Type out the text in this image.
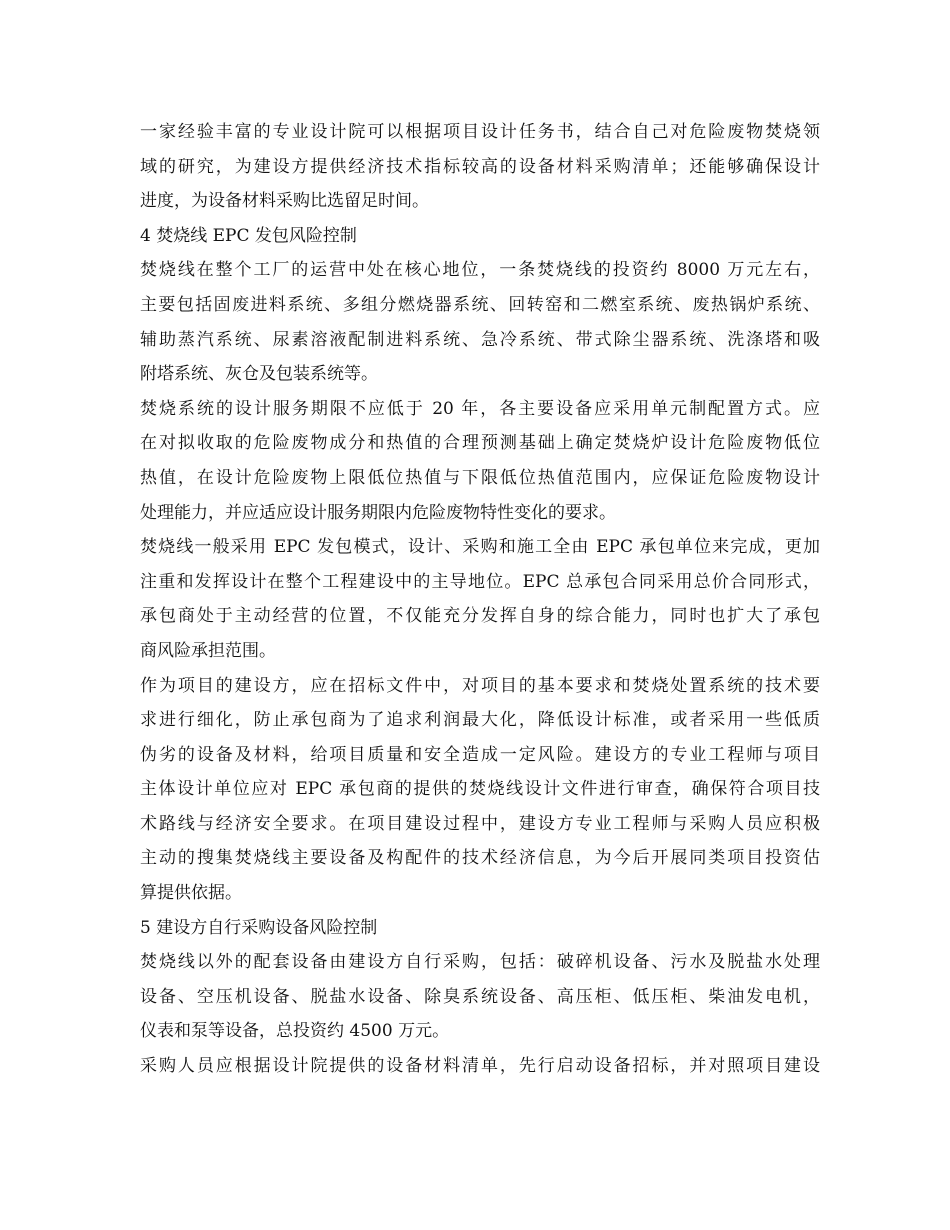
一家经验丰富的专业设计院可以根据项目设计任务书，结合自己对危险废物焚烧领
域的研究，为建设方提供经济技术指标较高的设备材料采购清单；还能够确保设计
进度，为设备材料采购比选留足时间。
4 焚烧线 EPC 发包风险控制
焚烧线在整个工厂的运营中处在核心地位，一条焚烧线的投资约 8000 万元左右，
主要包括固废进料系统、多组分燃烧器系统、回转窑和二燃室系统、废热锅炉系统、
辅助蒸汽系统、尿素溶液配制进料系统、急冷系统、带式除尘器系统、洗涤塔和吸
附塔系统、灰仓及包装系统等。
焚烧系统的设计服务期限不应低于 20 年，各主要设备应采用单元制配置方式。应
在对拟收取的危险废物成分和热值的合理预测基础上确定焚烧炉设计危险废物低位
热值，在设计危险废物上限低位热值与下限低位热值范围内，应保证危险废物设计
处理能力，并应适应设计服务期限内危险废物特性变化的要求。
焚烧线一般采用 EPC 发包模式，设计、采购和施工全由 EPC 承包单位来完成，更加
注重和发挥设计在整个工程建设中的主导地位。EPC 总承包合同采用总价合同形式，
承包商处于主动经营的位置，不仅能充分发挥自身的综合能力，同时也扩大了承包
商风险承担范围。
作为项目的建设方，应在招标文件中，对项目的基本要求和焚烧处置系统的技术要
求进行细化，防止承包商为了追求利润最大化，降低设计标准，或者采用一些低质
伪劣的设备及材料，给项目质量和安全造成一定风险。建设方的专业工程师与项目
主体设计单位应对 EPC 承包商的提供的焚烧线设计文件进行审查，确保符合项目技
术路线与经济安全要求。在项目建设过程中，建设方专业工程师与采购人员应积极
主动的搜集焚烧线主要设备及构配件的技术经济信息，为今后开展同类项目投资估
算提供依据。
5 建设方自行采购设备风险控制
焚烧线以外的配套设备由建设方自行采购，包括：破碎机设备、污水及脱盐水处理
设备、空压机设备、脱盐水设备、除臭系统设备、高压柜、低压柜、柴油发电机，
仪表和泵等设备，总投资约 4500 万元。
采购人员应根据设计院提供的设备材料清单，先行启动设备招标，并对照项目建设
